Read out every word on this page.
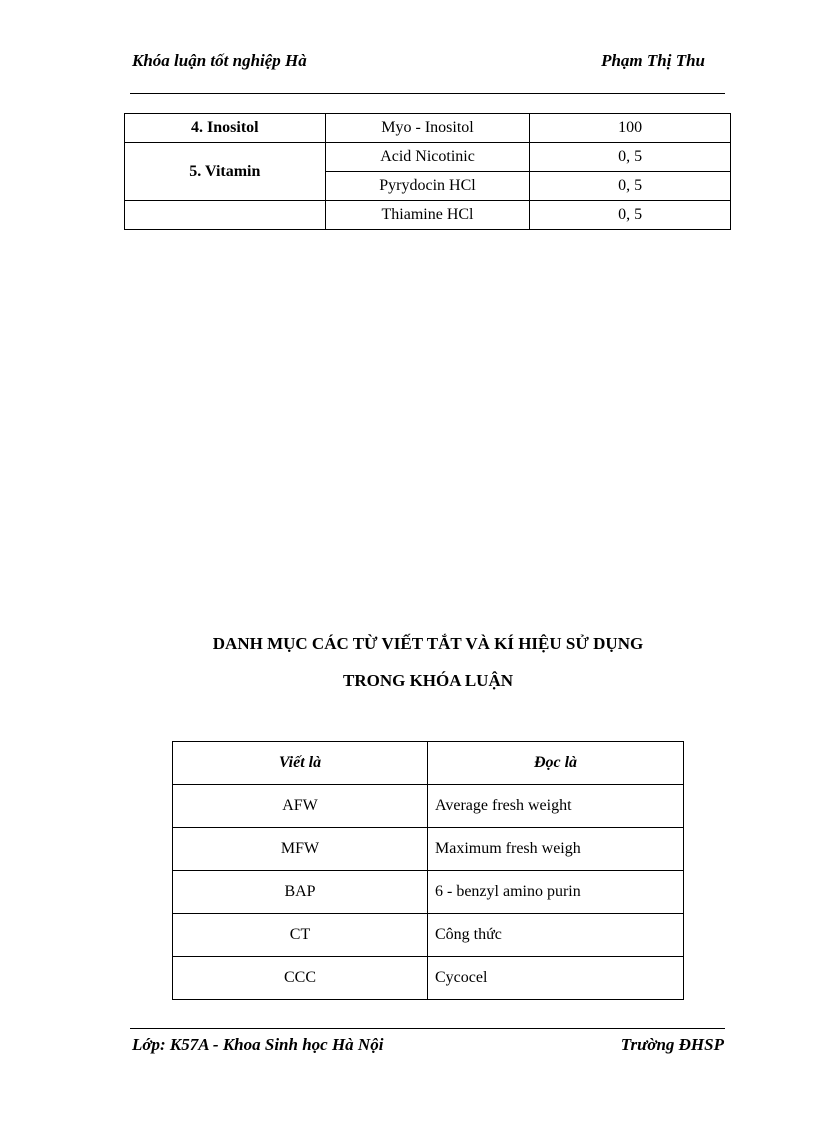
Khóa luận tốt nghiệp Hà	Phạm Thị Thu
4. Inositol	Myo - Inositol	100
5. Vitamin	Acid Nicotinic	0, 5
	Pyrydocin HCl	0, 5
	Thiamine HCl	0, 5
DANH MỤC CÁC TỪ VIẾT TẮT VÀ KÍ HIỆU SỬ DỤNG
TRONG KHÓA LUẬN
Viết là	Đọc là
AFW	Average fresh weight
MFW	Maximum fresh weigh
BAP	6 - benzyl amino purin
CT	Công thức
CCC	Cycocel
Lớp: K57A - Khoa Sinh học Hà Nội	Trường ĐHSP
